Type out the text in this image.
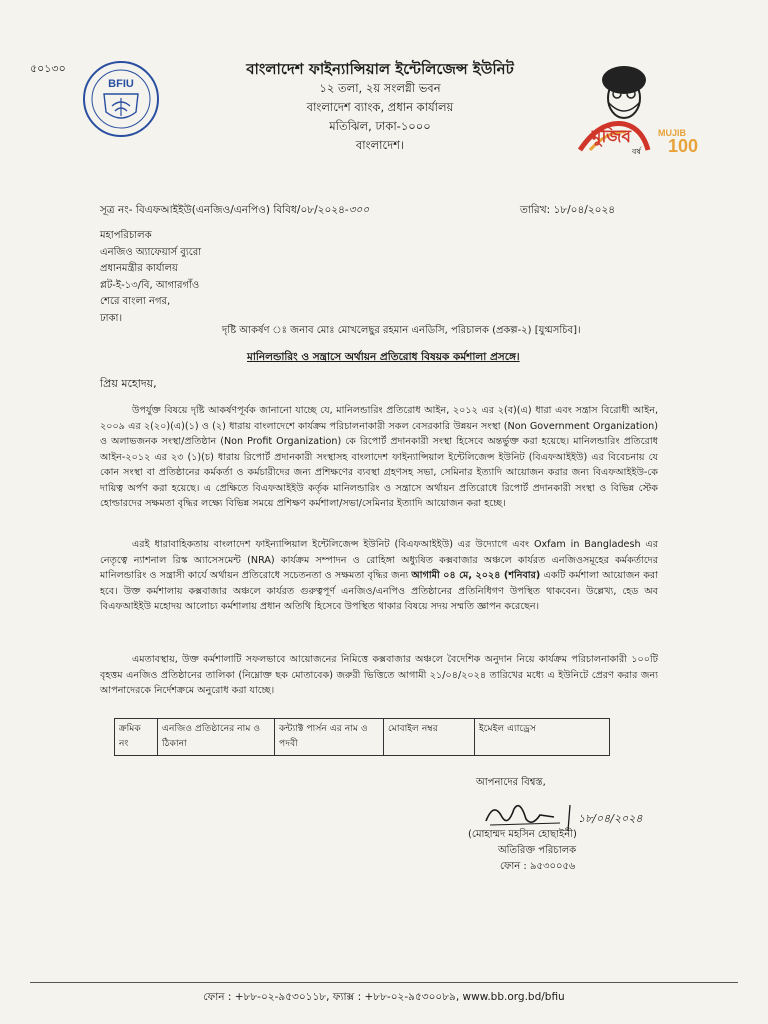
৫০১৩০
BFIU
বাংলাদেশ ফাইন্যান্সিয়াল ইন্টেলিজেন্স ইউনিট
১২ তলা, ২য় সংলগ্নী ভবন
বাংলাদেশ ব্যাংক, প্রধান কার্যালয়
মতিঝিল, ঢাকা-১০০০
বাংলাদেশ।	মুজিব	MUJIB
100
বর্ষ
সূত্র নং- বিএফআইইউ(এনজিও/এনপিও) বিবিধ/০৮/২০২৪-৩০০	তারিখ: ১৮/০৪/২০২৪
মহাপরিচালক
এনজিও অ্যাফেয়ার্স ব্যুরো
প্রধানমন্ত্রীর কার্যালয়
প্লট-ই-১৩/বি, আগারগাঁও
শেরে বাংলা নগর,
ঢাকা।
দৃষ্টি আকর্ষণ ঃ জনাব মোঃ মোখলেছুর রহমান এনডিসি, পরিচালক (প্রকল্প-২) [যুগ্মসচিব]।
মানিলন্ডারিং ও সন্ত্রাসে অর্থায়ন প্রতিরোধ বিষয়ক কর্মশালা প্রসঙ্গে।
প্রিয় মহোদয়,

উপর্যুক্ত বিষয়ে দৃষ্টি আকর্ষণপূর্বক জানানো যাচ্ছে যে, মানিলন্ডারিং প্রতিরোধ আইন, ২০১২ এর ২(ব)(এ) ধারা এবং সন্ত্রাস বিরোধী আইন, ২০০৯ এর ২(২০)(এ)(১) ও (২) ধারায় বাংলাদেশে কার্যক্রম পরিচালনাকারী সকল বেসরকারি উন্নয়ন সংস্থা (Non Government Organization) ও অলাভজনক সংস্থা/প্রতিষ্ঠান (Non Profit Organization) কে রিপোর্ট প্রদানকারী সংস্থা হিসেবে অন্তর্ভুক্ত করা হয়েছে। মানিলন্ডারিং প্রতিরোধ আইন-২০১২ এর ২৩ (১)(চ) ধারায় রিপোর্ট প্রদানকারী সংস্থাসহ বাংলাদেশ ফাইন্যান্সিয়াল ইন্টেলিজেন্স ইউনিট (বিএফআইইউ) এর বিবেচনায় যে কোন সংস্থা বা প্রতিষ্ঠানের কর্মকর্তা ও কর্মচারীদের জন্য প্রশিক্ষণের ব্যবস্থা গ্রহণসহ সভা, সেমিনার ইত্যাদি আয়োজন করার জন্য বিএফআইইউ-কে দায়িত্ব অর্পণ করা হয়েছে। এ প্রেক্ষিতে বিএফআইইউ কর্তৃক মানিলন্ডারিং ও সন্ত্রাসে অর্থায়ন প্রতিরোধে রিপোর্ট প্রদানকারী সংস্থা ও বিভিন্ন স্টেক হোল্ডারদের সক্ষমতা বৃদ্ধির লক্ষ্যে বিভিন্ন সময়ে প্রশিক্ষণ কর্মশালা/সভা/সেমিনার ইত্যাদি আয়োজন করা হচ্ছে।

এরই ধারাবাহিকতায় বাংলাদেশ ফাইন্যান্সিয়াল ইন্টেলিজেন্স ইউনিট (বিএফআইইউ) এর উদ্যোগে এবং Oxfam in Bangladesh এর নেতৃত্বে ন্যাশনাল রিস্ক অ্যাসেসমেন্ট (NRA) কার্যক্রম সম্পাদন ও রোহিঙ্গা অধ্যুষিত কক্সবাজার অঞ্চলে কার্যরত এনজিওসমূহের কর্মকর্তাদের মানিলন্ডারিং ও সন্ত্রাসী কার্যে অর্থায়ন প্রতিরোধে সচেতনতা ও সক্ষমতা বৃদ্ধির জন্য আগামী ০৪ মে, ২০২৪ (শনিবার) একটি কর্মশালা আয়োজন করা হবে। উক্ত কর্মশালায় কক্সবাজার অঞ্চলে কার্যরত গুরুত্বপূর্ণ এনজিও/এনপিও প্রতিষ্ঠানের প্রতিনিধিগণ উপস্থিত থাকবেন। উল্লেখ্য, হেড অব বিএফআইইউ মহোদয় আলোচ্য কর্মশালায় প্রধান অতিথি হিসেবে উপস্থিত থাকার বিষয়ে সদয় সম্মতি জ্ঞাপন করেছেন।

এমতাবস্থায়, উক্ত কর্মশালাটি সফলভাবে আয়োজনের নিমিত্তে কক্সবাজার অঞ্চলে বৈদেশিক অনুদান নিয়ে কার্যক্রম পরিচালনাকারী ১০০টি বৃহত্তম এনজিও প্রতিষ্ঠানের তালিকা (নিম্নোক্ত ছক মোতাবেক) জরুরী ভিত্তিতে আগামী ২১/০৪/২০২৪ তারিখের মধ্যে এ ইউনিটে প্রেরণ করার জন্য আপনাদেরকে নির্দেশক্রমে অনুরোধ করা যাচ্ছে।

ক্রমিক নং	এনজিও প্রতিষ্ঠানের নাম ও ঠিকানা	কন্ট্যাক্ট পার্সন এর নাম ও পদবী	মোবাইল নম্বর	ইমেইল এ্যাড্রেস
আপনাদের বিশ্বস্ত,
১৮/০৪/২০২৪
(মোহাম্মদ মহসিন হোছাইনী)
অতিরিক্ত পরিচালক
ফোন : ৯৫৩০০৫৬
ফোন : +৮৮-০২-৯৫৩০১১৮, ফ্যাক্স : +৮৮-০২-৯৫৩০০৮৯, www.bb.org.bd/bfiu
